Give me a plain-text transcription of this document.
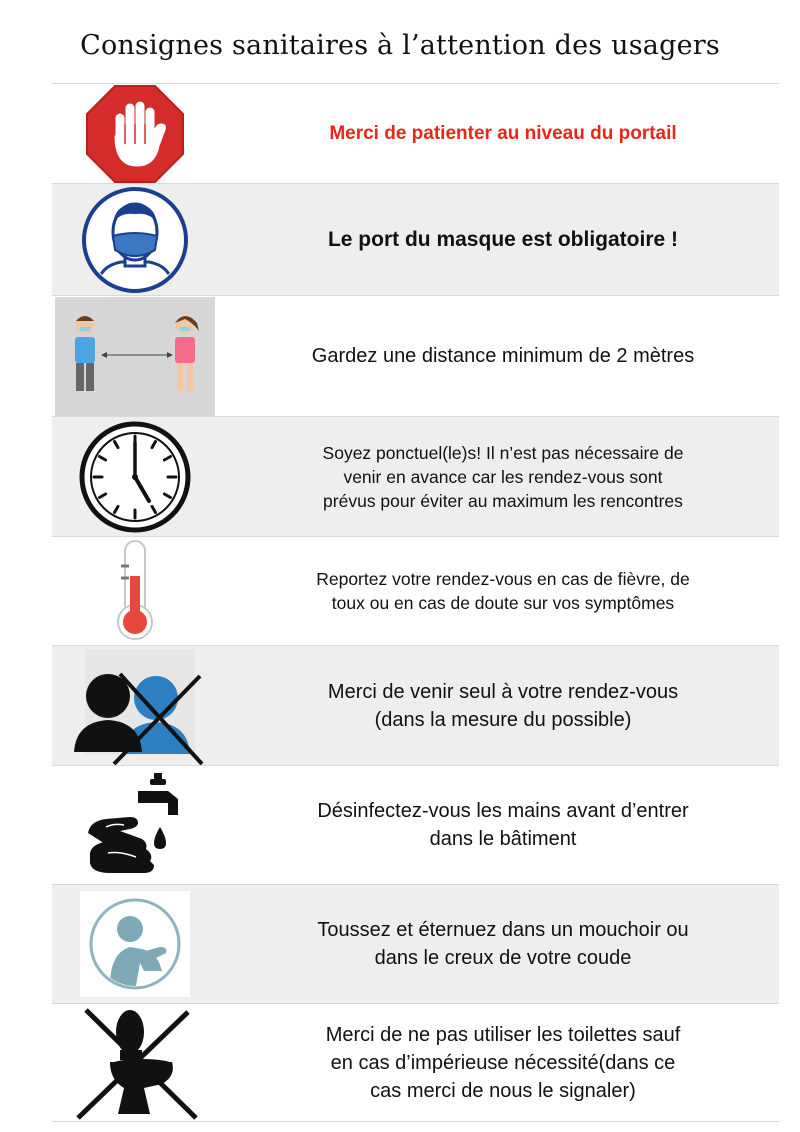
Consignes sanitaires à l’attention des usagers
Merci de patienter au niveau du portail
Le port du masque est obligatoire !
Gardez une distance minimum de 2 mètres
Soyez ponctuel(le)s! Il n’est pas nécessaire de
venir en avance car les rendez-vous sont
prévus pour éviter au maximum les rencontres
Reportez votre rendez-vous en cas de fièvre, de
toux ou en cas de doute sur vos symptômes
Merci de venir seul à votre rendez-vous
(dans la mesure du possible)
Désinfectez-vous les mains avant d’entrer
dans le bâtiment
Toussez et éternuez dans un mouchoir ou
dans le creux de votre coude
Merci de ne pas utiliser les toilettes sauf
en cas d’impérieuse nécessité(dans ce
cas merci de nous le signaler)
